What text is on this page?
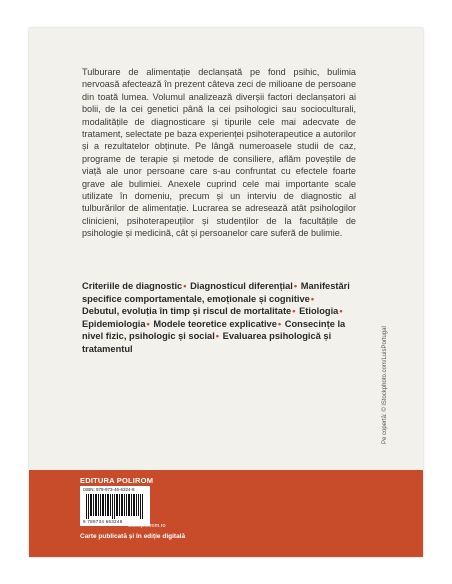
Tulburare de alimentație declanșată pe fond psihic, bulimia nervoasă afectează în prezent câteva zeci de milioane de persoane din toată lumea. Volumul analizează diverșii factori declanșatori ai bolii, de la cei genetici până la cei psihologici sau socioculturali, modalitățile de diagnosticare și tipurile cele mai adecvate de tratament, selectate pe baza experienței psihoterapeutice a autorilor și a rezultatelor obținute. Pe lângă numeroasele studii de caz, programe de terapie și metode de consiliere, aflăm poveștile de viață ale unor persoane care s-au confruntat cu efectele foarte grave ale bulimiei. Anexele cuprind cele mai importante scale utilizate în domeniu, precum și un interviu de diagnostic al tulburărilor de alimentație. Lucrarea se adresează atât psihologilor clinicieni, psihoterapeuților și studenților de la facultățile de psihologie și medicină, cât și persoanelor care suferă de bulimie.

Criteriile de diagnostic• Diagnosticul diferențial• Manifestări specifice comportamentale, emoționale și cognitive• Debutul, evoluția în timp și riscul de mortalitate• Etiologia• Epidemiologia• Modele teoretice explicative• Consecințe la nivel fizic, psihologic și social• Evaluarea psihologică și tratamentul	Pe copertă: © iStockphoto.com/LuisPortugal
EDITURA POLIROM
ISBN: 978-973-46-6324-8
9 789734 663248
www.polirom.ro
Carte publicată și în ediție digitală
